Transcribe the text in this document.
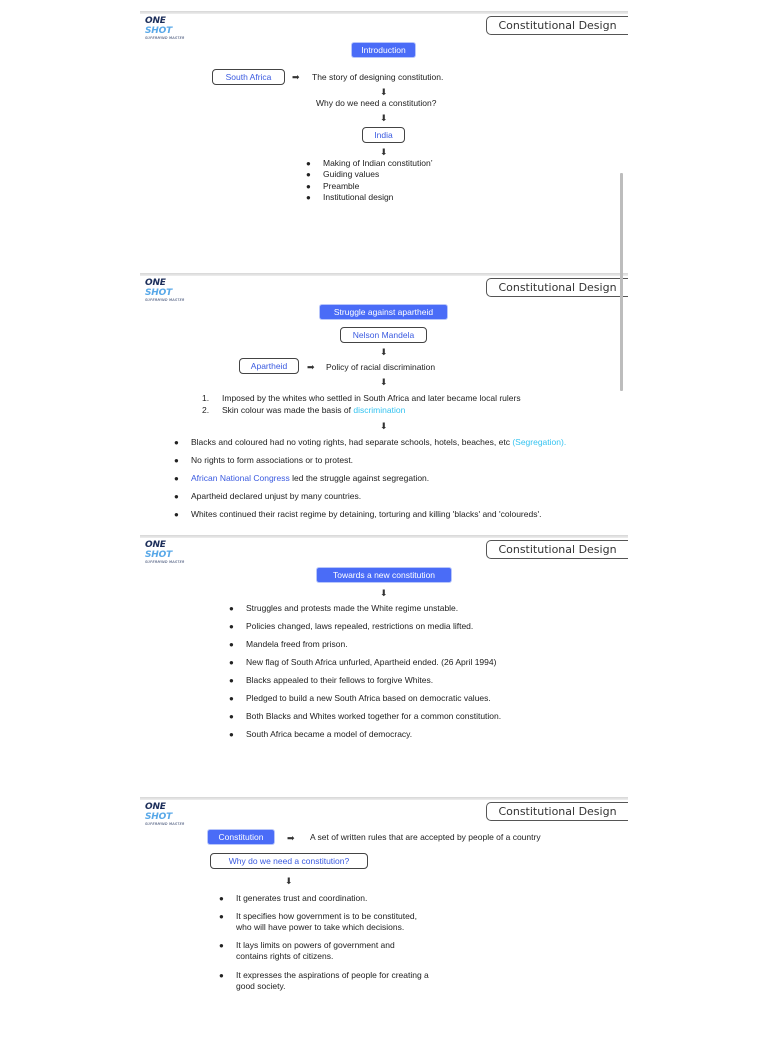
ONE SHOT
SUPERMIND MASTER
Constitutional Design
Introduction
South Africa	➡ The story of designing constitution.
⬇
Why do we need a constitution?
⬇
India
⬇
●	Making of Indian constitution’
●	Guiding values
●	Preamble
●	Institutional design
ONE SHOT
SUPERMIND MASTER
Constitutional Design
Struggle against apartheid
Nelson Mandela
⬇
Apartheid	➡ Policy of racial discrimination
⬇
1. Imposed by the whites who settled in South Africa and later became local rulers
2. Skin colour was made the basis of discrimination
⬇
●	Blacks and coloured had no voting rights, had separate schools, hotels, beaches, etc (Segregation).
●	No rights to form associations or to protest.
●	African National Congress led the struggle against segregation.
●	Apartheid declared unjust by many countries.
●	Whites continued their racist regime by detaining, torturing and killing 'blacks' and 'coloureds'.
ONE SHOT
SUPERMIND MASTER
Constitutional Design
Towards a new constitution
⬇
●	Struggles and protests made the White regime unstable.
●	Policies changed, laws repealed, restrictions on media lifted.
●	Mandela freed from prison.
●	New flag of South Africa unfurled, Apartheid ended. (26 April 1994)
●	Blacks appealed to their fellows to forgive Whites.
●	Pledged to build a new South Africa based on democratic values.
●	Both Blacks and Whites worked together for a common constitution.
●	South Africa became a model of democracy.
ONE SHOT
SUPERMIND MASTER
Constitutional Design
Constitution	➡ A set of written rules that are accepted by people of a country
Why do we need a constitution?
⬇
●	It generates trust and coordination.
●	It specifies how government is to be constituted,
who will have power to take which decisions.
●	It lays limits on powers of government and
contains rights of citizens.
●	It expresses the aspirations of people for creating a
good society.
